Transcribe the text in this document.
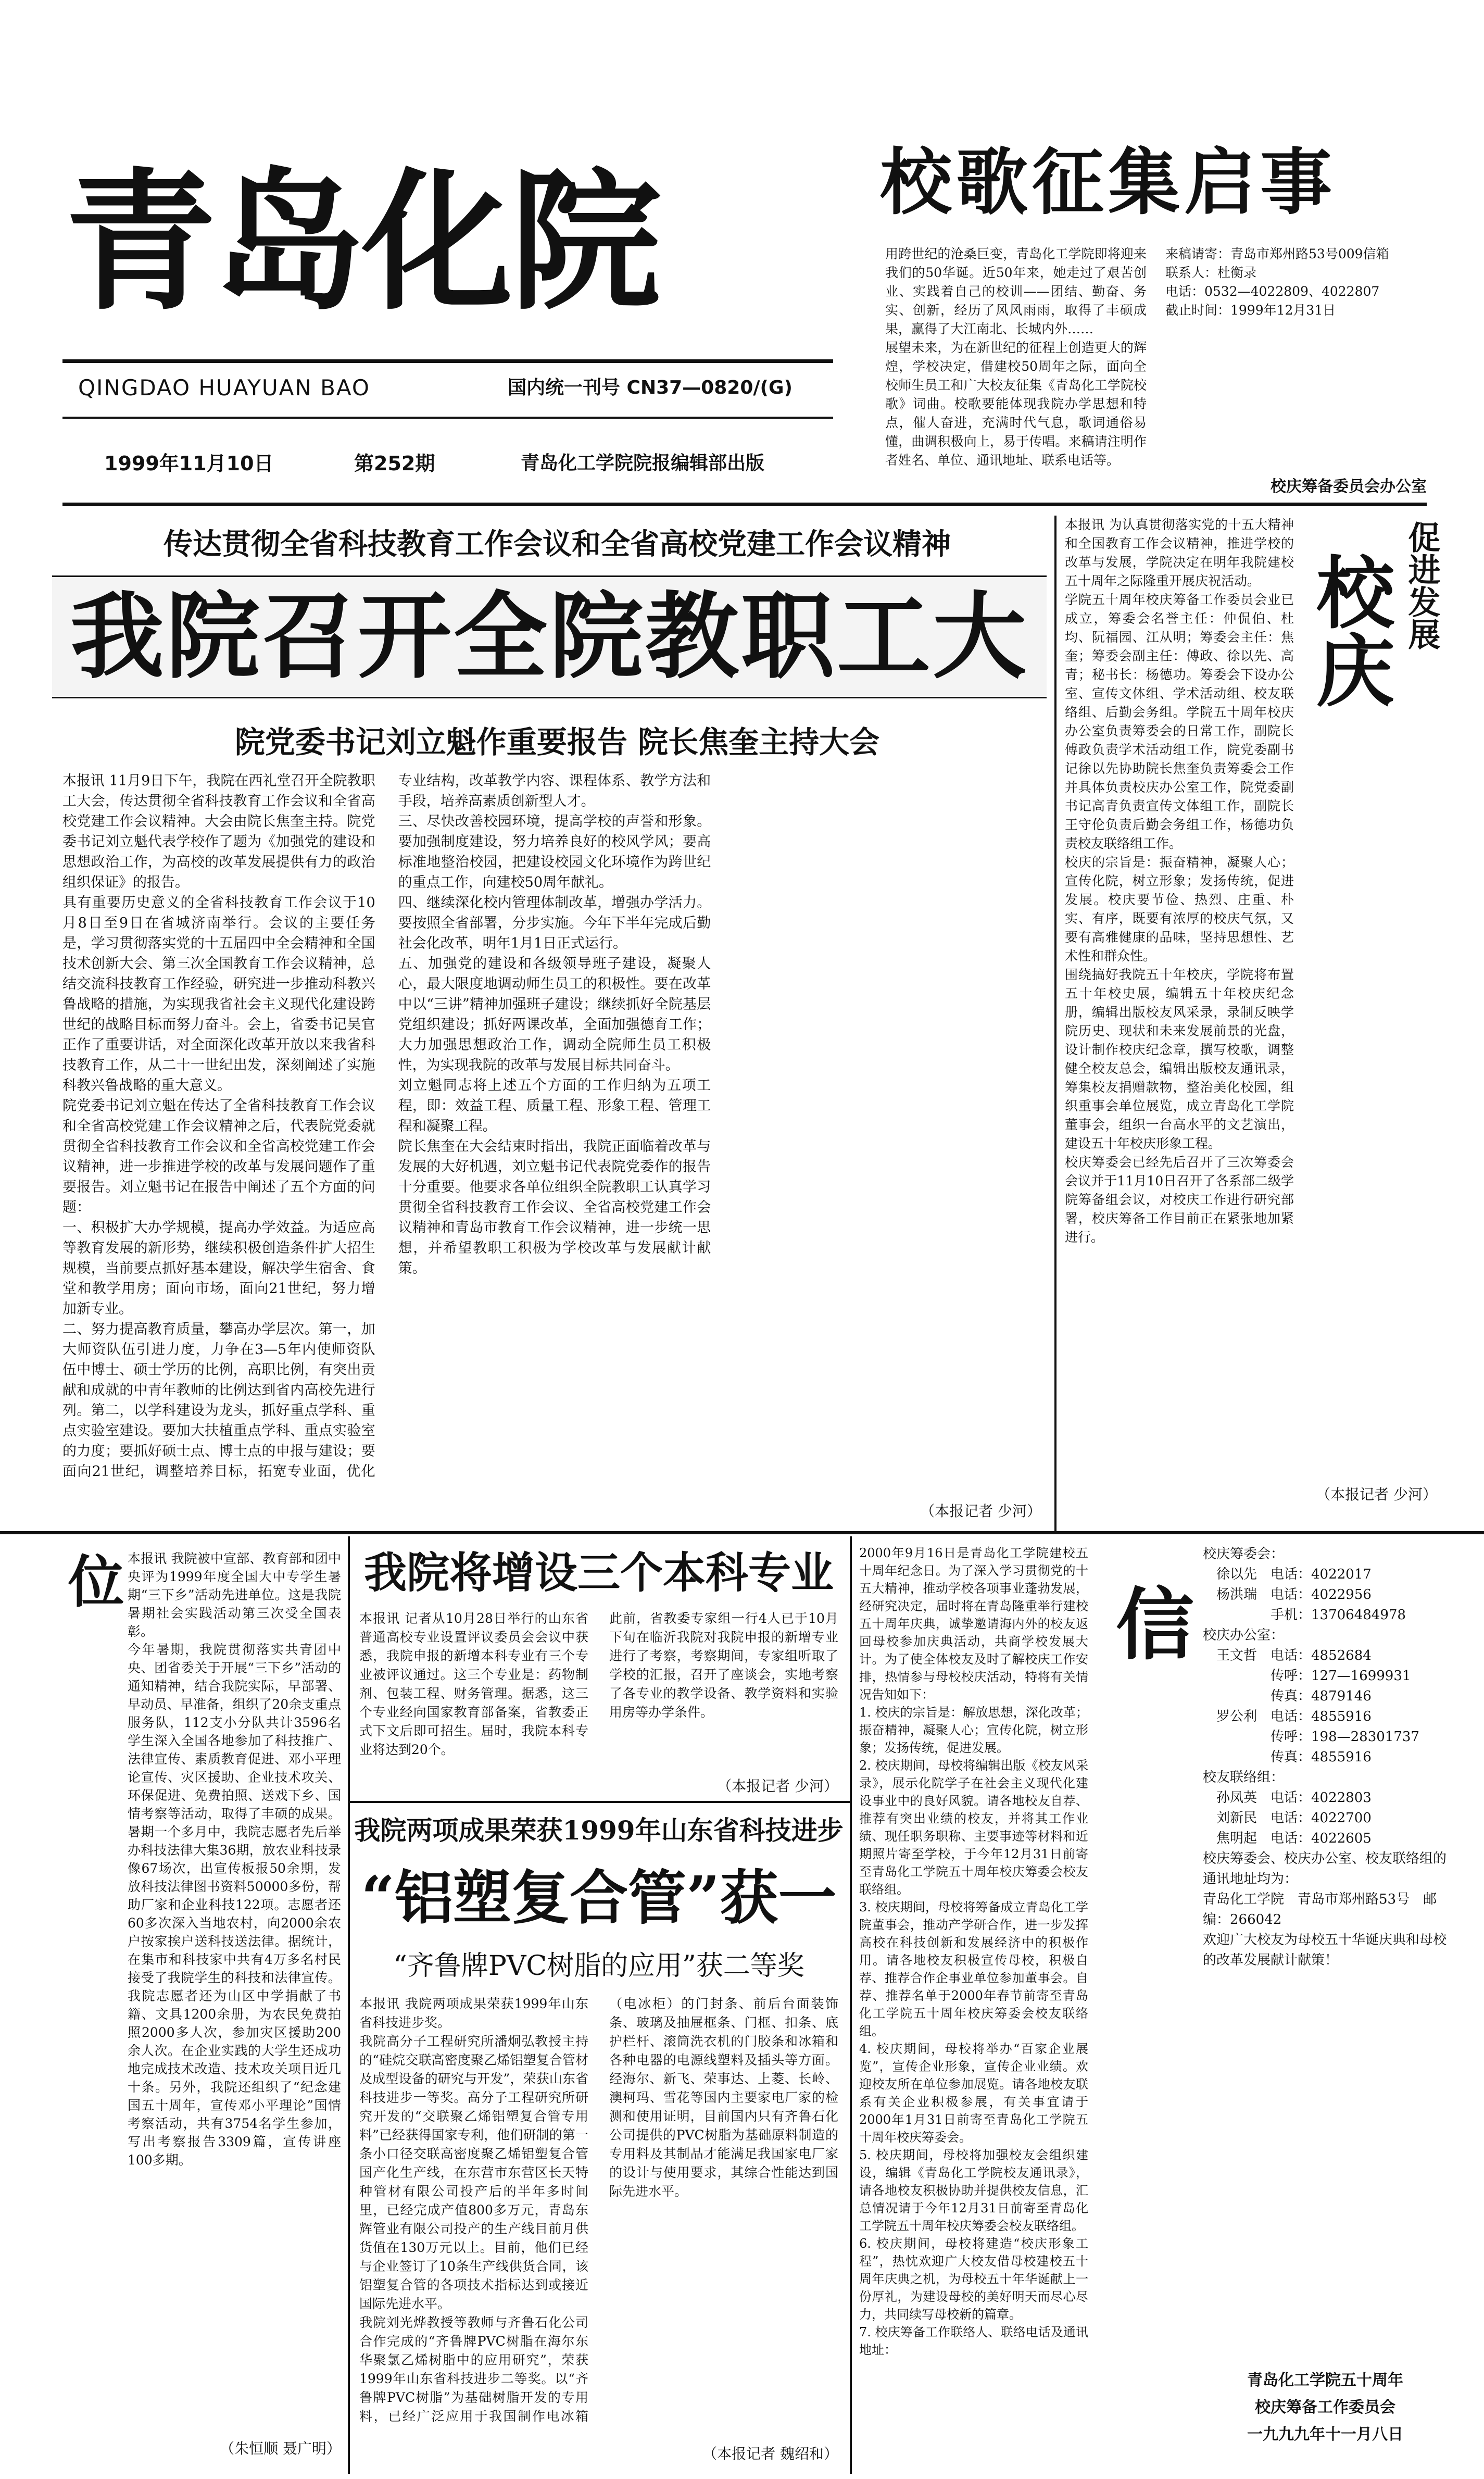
青岛化院
QINGDAO HUAYUAN BAO	国内统一刊号 CN37—0820/(G)
1999年11月10日	第252期	青岛化工学院院报编辑部出版
校歌征集启事

用跨世纪的沧桑巨变，青岛化工学院即将迎来我们的50华诞。近50年来，她走过了艰苦创业、实践着自己的校训——团结、勤奋、务实、创新，经历了风风雨雨，取得了丰硕成果，赢得了大江南北、长城内外……
展望未来，为在新世纪的征程上创造更大的辉煌，学校决定，借建校50周年之际，面向全校师生员工和广大校友征集《青岛化工学院校歌》词曲。校歌要能体现我院办学思想和特点，催人奋进，充满时代气息，歌词通俗易懂，曲调积极向上，易于传唱。来稿请注明作者姓名、单位、通讯地址、联系电话等。
来稿请寄：青岛市郑州路53号009信箱
联系人：杜衡录
电话：0532—4022809、4022807
截止时间：1999年12月31日

校庆筹备委员会办公室
传达贯彻全省科技教育工作会议和全省高校党建工作会议精神
我院召开全院教职工大
院党委书记刘立魁作重要报告 院长焦奎主持大会

本报讯 11月9日下午，我院在西礼堂召开全院教职工大会，传达贯彻全省科技教育工作会议和全省高校党建工作会议精神。大会由院长焦奎主持。院党委书记刘立魁代表学校作了题为《加强党的建设和思想政治工作，为高校的改革发展提供有力的政治组织保证》的报告。
具有重要历史意义的全省科技教育工作会议于10月8日至9日在省城济南举行。会议的主要任务是，学习贯彻落实党的十五届四中全会精神和全国技术创新大会、第三次全国教育工作会议精神，总结交流科技教育工作经验，研究进一步推动科教兴鲁战略的措施，为实现我省社会主义现代化建设跨世纪的战略目标而努力奋斗。会上，省委书记吴官正作了重要讲话，对全面深化改革开放以来我省科技教育工作，从二十一世纪出发，深刻阐述了实施科教兴鲁战略的重大意义。
院党委书记刘立魁在传达了全省科技教育工作会议和全省高校党建工作会议精神之后，代表院党委就贯彻全省科技教育工作会议和全省高校党建工作会议精神，进一步推进学校的改革与发展问题作了重要报告。刘立魁书记在报告中阐述了五个方面的问题：
一、积极扩大办学规模，提高办学效益。为适应高等教育发展的新形势，继续积极创造条件扩大招生规模，当前要点抓好基本建设，解决学生宿舍、食堂和教学用房；面向市场，面向21世纪，努力增加新专业。
二、努力提高教育质量，攀高办学层次。第一，加大师资队伍引进力度，力争在3—5年内使师资队伍中博士、硕士学历的比例，高职比例，有突出贡献和成就的中青年教师的比例达到省内高校先进行列。第二，以学科建设为龙头，抓好重点学科、重点实验室建设。要加大扶植重点学科、重点实验室的力度；要抓好硕士点、博士点的申报与建设；要面向21世纪，调整培养目标，拓宽专业面，优化专业结构，改革教学内容、课程体系、教学方法和手段，培养高素质创新型人才。
三、尽快改善校园环境，提高学校的声誉和形象。要加强制度建设，努力培养良好的校风学风；要高标准地整治校园，把建设校园文化环境作为跨世纪的重点工作，向建校50周年献礼。
四、继续深化校内管理体制改革，增强办学活力。要按照全省部署，分步实施。今年下半年完成后勤社会化改革，明年1月1日正式运行。
五、加强党的建设和各级领导班子建设，凝聚人心，最大限度地调动师生员工的积极性。要在改革中以“三讲”精神加强班子建设；继续抓好全院基层党组织建设；抓好两课改革，全面加强德育工作；大力加强思想政治工作，调动全院师生员工积极性，为实现我院的改革与发展目标共同奋斗。
刘立魁同志将上述五个方面的工作归纳为五项工程，即：效益工程、质量工程、形象工程、管理工程和凝聚工程。
院长焦奎在大会结束时指出，我院正面临着改革与发展的大好机遇，刘立魁书记代表院党委作的报告十分重要。他要求各单位组织全院教职工认真学习贯彻全省科技教育工作会议、全省高校党建工作会议精神和青岛市教育工作会议精神，进一步统一思想，并希望教职工积极为学校改革与发展献计献策。

（本报记者 少河）

本报讯 为认真贯彻落实党的十五大精神和全国教育工作会议精神，推进学校的改革与发展，学院决定在明年我院建校五十周年之际隆重开展庆祝活动。
学院五十周年校庆筹备工作委员会业已成立，筹委会名誉主任：仲侃伯、杜均、阮福园、江从明；筹委会主任：焦奎；筹委会副主任：傅政、徐以先、高青；秘书长：杨德功。筹委会下设办公室、宣传文体组、学术活动组、校友联络组、后勤会务组。学院五十周年校庆办公室负责筹委会的日常工作，副院长傅政负责学术活动组工作，院党委副书记徐以先协助院长焦奎负责筹委会工作并具体负责校庆办公室工作，院党委副书记高青负责宣传文体组工作，副院长王守伦负责后勤会务组工作，杨德功负责校友联络组工作。
校庆的宗旨是：振奋精神，凝聚人心；宣传化院，树立形象；发扬传统，促进发展。校庆要节俭、热烈、庄重、朴实、有序，既要有浓厚的校庆气氛，又要有高雅健康的品味，坚持思想性、艺术性和群众性。
围绕搞好我院五十年校庆，学院将布置五十年校史展，编辑五十年校庆纪念册，编辑出版校友风采录，录制反映学院历史、现状和未来发展前景的光盘，设计制作校庆纪念章，撰写校歌，调整健全校友总会，编辑出版校友通讯录，筹集校友捐赠款物，整治美化校园，组织重事会单位展览，成立青岛化工学院董事会，组织一台高水平的文艺演出，建设五十年校庆形象工程。
校庆筹委会已经先后召开了三次筹委会会议并于11月10日召开了各系部二级学院筹备组会议，对校庆工作进行研究部署，校庆筹备工作目前正在紧张地加紧进行。

校庆

促进发展

（本报记者 少河）

位 本报讯 我院被中宣部、教育部和团中央评为1999年度全国大中专学生暑期“三下乡”活动先进单位。这是我院暑期社会实践活动第三次受全国表彰。
今年暑期，我院贯彻落实共青团中央、团省委关于开展“三下乡”活动的通知精神，结合我院实际，早部署、早动员、早准备，组织了20余支重点服务队，112支小分队共计3596名学生深入全国各地参加了科技推广、法律宣传、素质教育促进、邓小平理论宣传、灾区援助、企业技术攻关、环保促进、免费拍照、送戏下乡、国情考察等活动，取得了丰硕的成果。暑期一个多月中，我院志愿者先后举办科技法律大集36期，放农业科技录像67场次，出宣传板报50余期，发放科技法律图书资料50000多份，帮助厂家和企业科技122项。志愿者还60多次深入当地农村，向2000余农户按家挨户送科技送法律。据统计，在集市和科技家中共有4万多名村民接受了我院学生的科技和法律宣传。我院志愿者还为山区中学捐献了书籍、文具1200余册，为农民免费拍照2000多人次，参加灾区援助200余人次。在企业实践的大学生还成功地完成技术改造、技术攻关项目近几十条。另外，我院还组织了“纪念建国五十周年，宣传邓小平理论”国情考察活动，共有3754名学生参加，写出考察报告3309篇，宣传讲座100多期。

（朱恒顺 聂广明）
我院将增设三个本科专业

本报讯 记者从10月28日举行的山东省普通高校专业设置评议委员会会议中获悉，我院申报的新增本科专业有三个专业被评议通过。这三个专业是：药物制剂、包装工程、财务管理。据悉，这三个专业经向国家教育部备案，省教委正式下文后即可招生。届时，我院本科专业将达到20个。
此前，省教委专家组一行4人已于10月下旬在临沂我院对我院申报的新增专业进行了考察，考察期间，专家组听取了学校的汇报，召开了座谈会，实地考察了各专业的教学设备、教学资料和实验用房等办学条件。

（本报记者 少河）
我院两项成果荣获1999年山东省科技进步
“铝塑复合管”获一
“齐鲁牌PVC树脂的应用”获二等奖

本报讯 我院两项成果荣获1999年山东省科技进步奖。
我院高分子工程研究所潘炯弘教授主持的“硅烷交联高密度聚乙烯铝塑复合管材及成型设备的研究与开发”，荣获山东省科技进步一等奖。高分子工程研究所研究开发的“交联聚乙烯铝塑复合管专用料”已经获得国家专利，他们研制的第一条小口径交联高密度聚乙烯铝塑复合管国产化生产线，在东营市东营区长天特种管材有限公司投产后的半年多时间里，已经完成产值800多万元，青岛东辉管业有限公司投产的生产线目前月供货值在130万元以上。目前，他们已经与企业签订了10条生产线供货合同，该铝塑复合管的各项技术指标达到或接近国际先进水平。
我院刘光烨教授等教师与齐鲁石化公司合作完成的“齐鲁牌PVC树脂在海尔东华聚氯乙烯树脂中的应用研究”，荣获1999年山东省科技进步二等奖。以“齐鲁牌PVC树脂”为基础树脂开发的专用料，已经广泛应用于我国制作电冰箱（电冰柜）的门封条、前后台面装饰条、玻璃及抽屉框条、门框、扣条、底护栏杆、滚筒洗衣机的门胶条和冰箱和各种电器的电源线塑料及插头等方面。经海尔、新飞、荣事达、上菱、长岭、澳柯玛、雪花等国内主要家电厂家的检测和使用证明，目前国内只有齐鲁石化公司提供的PVC树脂为基础原料制造的专用料及其制品才能满足我国家电厂家的设计与使用要求，其综合性能达到国际先进水平。

（本报记者 魏绍和）

2000年9月16日是青岛化工学院建校五十周年纪念日。为了深入学习贯彻党的十五大精神，推动学校各项事业蓬勃发展，经研究决定，届时将在青岛隆重举行建校五十周年庆典，诚挚邀请海内外的校友返回母校参加庆典活动，共商学校发展大计。为了使全体校友及时了解校庆工作安排，热情参与母校校庆活动，特将有关情况告知如下：
1. 校庆的宗旨是：解放思想，深化改革；振奋精神，凝聚人心；宣传化院，树立形象；发扬传统，促进发展。
2. 校庆期间，母校将编辑出版《校友风采录》，展示化院学子在社会主义现代化建设事业中的良好风貌。请各地校友自荐、推荐有突出业绩的校友，并将其工作业绩、现任职务职称、主要事迹等材料和近期照片寄至学校，于今年12月31日前寄至青岛化工学院五十周年校庆筹委会校友联络组。
3. 校庆期间，母校将筹备成立青岛化工学院董事会，推动产学研合作，进一步发挥高校在科技创新和发展经济中的积极作用。请各地校友积极宣传母校，积极自荐、推荐合作企事业单位参加董事会。自荐、推荐名单于2000年春节前寄至青岛化工学院五十周年校庆筹委会校友联络组。
4. 校庆期间，母校将举办“百家企业展览”，宣传企业形象，宣传企业业绩。欢迎校友所在单位参加展览。请各地校友联系有关企业积极参展，有关事宜请于2000年1月31日前寄至青岛化工学院五十周年校庆筹委会。
5. 校庆期间，母校将加强校友会组织建设，编辑《青岛化工学院校友通讯录》，请各地校友积极协助并提供校友信息，汇总情况请于今年12月31日前寄至青岛化工学院五十周年校庆筹委会校友联络组。
6. 校庆期间，母校将建造“校庆形象工程”，热忱欢迎广大校友借母校建校五十周年庆典之机，为母校五十年华诞献上一份厚礼，为建设母校的美好明天而尽心尽力，共同续写母校新的篇章。
7. 校庆筹备工作联络人、联络电话及通讯地址：

信

校庆筹委会：
　徐以先　电话：4022017
　杨洪瑞　电话：4022956
　　　　　手机：13706484978
校庆办公室：
　王文哲　电话：4852684
　　　　　传呼：127—1699931
　　　　　传真：4879146
　罗公利　电话：4855916
　　　　　传呼：198—28301737
　　　　　传真：4855916
校友联络组：
　孙凤英　电话：4022803
　刘新民　电话：4022700
　焦明起　电话：4022605
校庆筹委会、校庆办公室、校友联络组的通讯地址均为：
青岛化工学院　青岛市郑州路53号　邮编：266042
欢迎广大校友为母校五十华诞庆典和母校的改革发展献计献策！

青岛化工学院五十周年
校庆筹备工作委员会
一九九九年十一月八日
